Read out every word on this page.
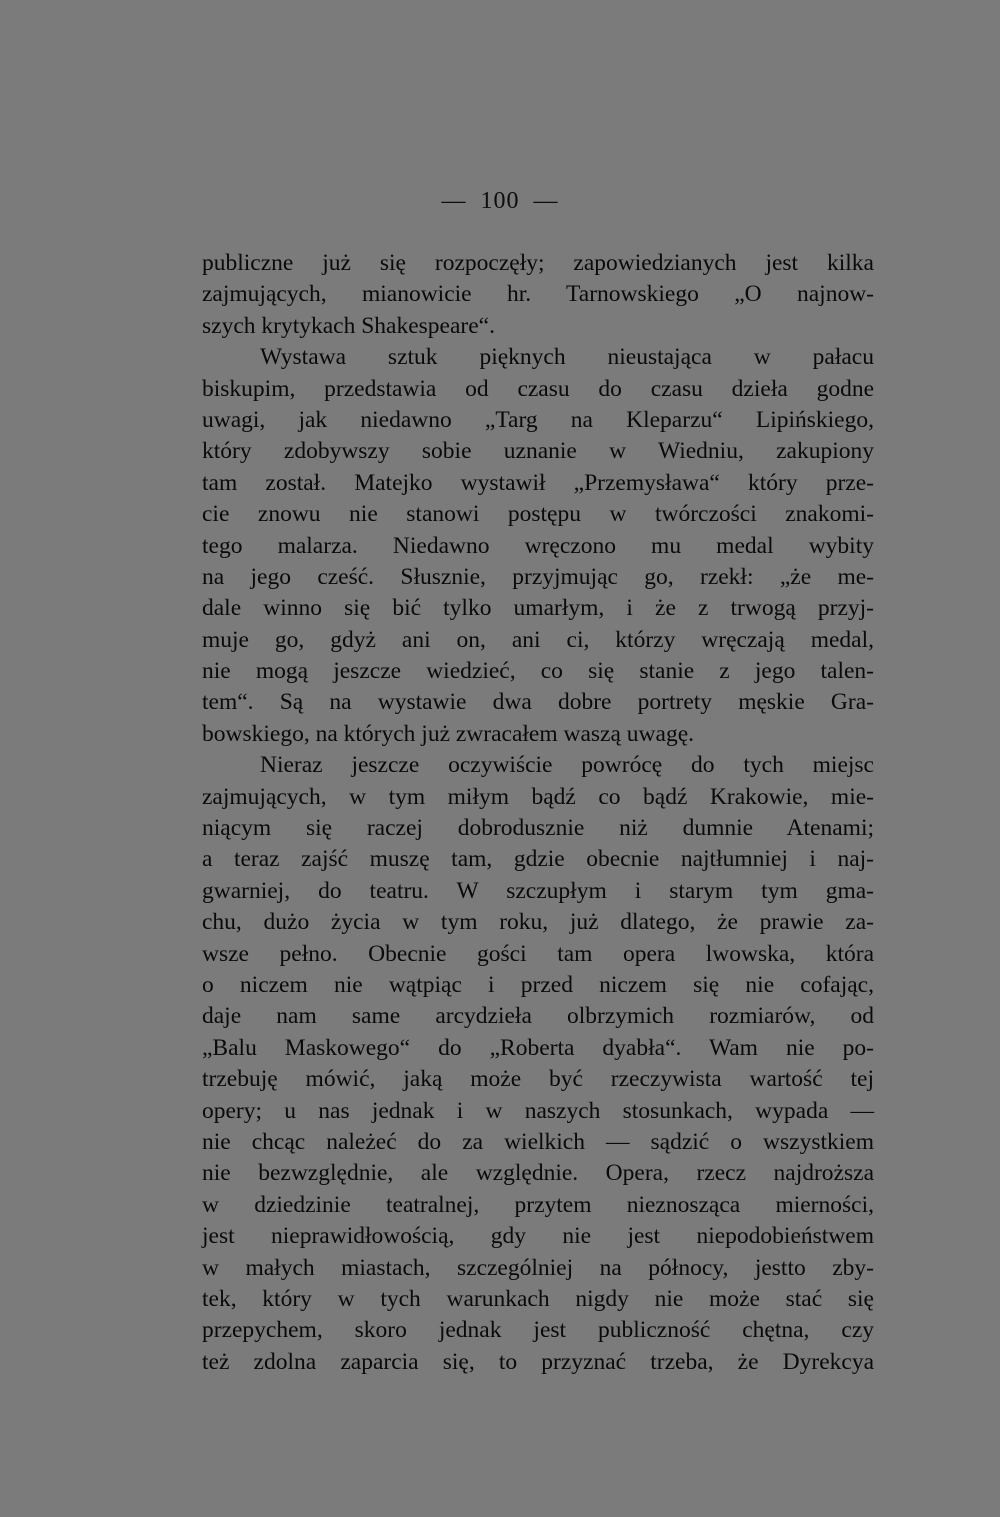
— 100 —
publiczne już się rozpoczęły; zapowiedzianych jest kilka
zajmujących, mianowicie hr. Tarnowskiego „O najnow-
szych krytykach Shakespeare“.
Wystawa sztuk pięknych nieustająca w pałacu
biskupim, przedstawia od czasu do czasu dzieła godne
uwagi, jak niedawno „Targ na Kleparzu“ Lipińskiego,
który zdobywszy sobie uznanie w Wiedniu, zakupiony
tam został. Matejko wystawił „Przemysława“ który prze-
cie znowu nie stanowi postępu w twórczości znakomi-
tego malarza. Niedawno wręczono mu medal wybity
na jego cześć. Słusznie, przyjmując go, rzekł: „że me-
dale winno się bić tylko umarłym, i że z trwogą przyj-
muje go, gdyż ani on, ani ci, którzy wręczają medal,
nie mogą jeszcze wiedzieć, co się stanie z jego talen-
tem“. Są na wystawie dwa dobre portrety męskie Gra-
bowskiego, na których już zwracałem waszą uwagę.
Nieraz jeszcze oczywiście powrócę do tych miejsc
zajmujących, w tym miłym bądź co bądź Krakowie, mie-
niącym się raczej dobrodusznie niż dumnie Atenami;
a teraz zajść muszę tam, gdzie obecnie najtłumniej i naj-
gwarniej, do teatru. W szczupłym i starym tym gma-
chu, dużo życia w tym roku, już dlatego, że prawie za-
wsze pełno. Obecnie gości tam opera lwowska, która
o niczem nie wątpiąc i przed niczem się nie cofając,
daje nam same arcydzieła olbrzymich rozmiarów, od
„Balu Maskowego“ do „Roberta dyabła“. Wam nie po-
trzebuję mówić, jaką może być rzeczywista wartość tej
opery; u nas jednak i w naszych stosunkach, wypada —
nie chcąc należeć do za wielkich — sądzić o wszystkiem
nie bezwzględnie, ale względnie. Opera, rzecz najdroższa
w dziedzinie teatralnej, przytem nieznosząca mierności,
jest nieprawidłowością, gdy nie jest niepodobieństwem
w małych miastach, szczególniej na północy, jestto zby-
tek, który w tych warunkach nigdy nie może stać się
przepychem, skoro jednak jest publiczność chętna, czy
też zdolna zaparcia się, to przyznać trzeba, że Dyrekcya
